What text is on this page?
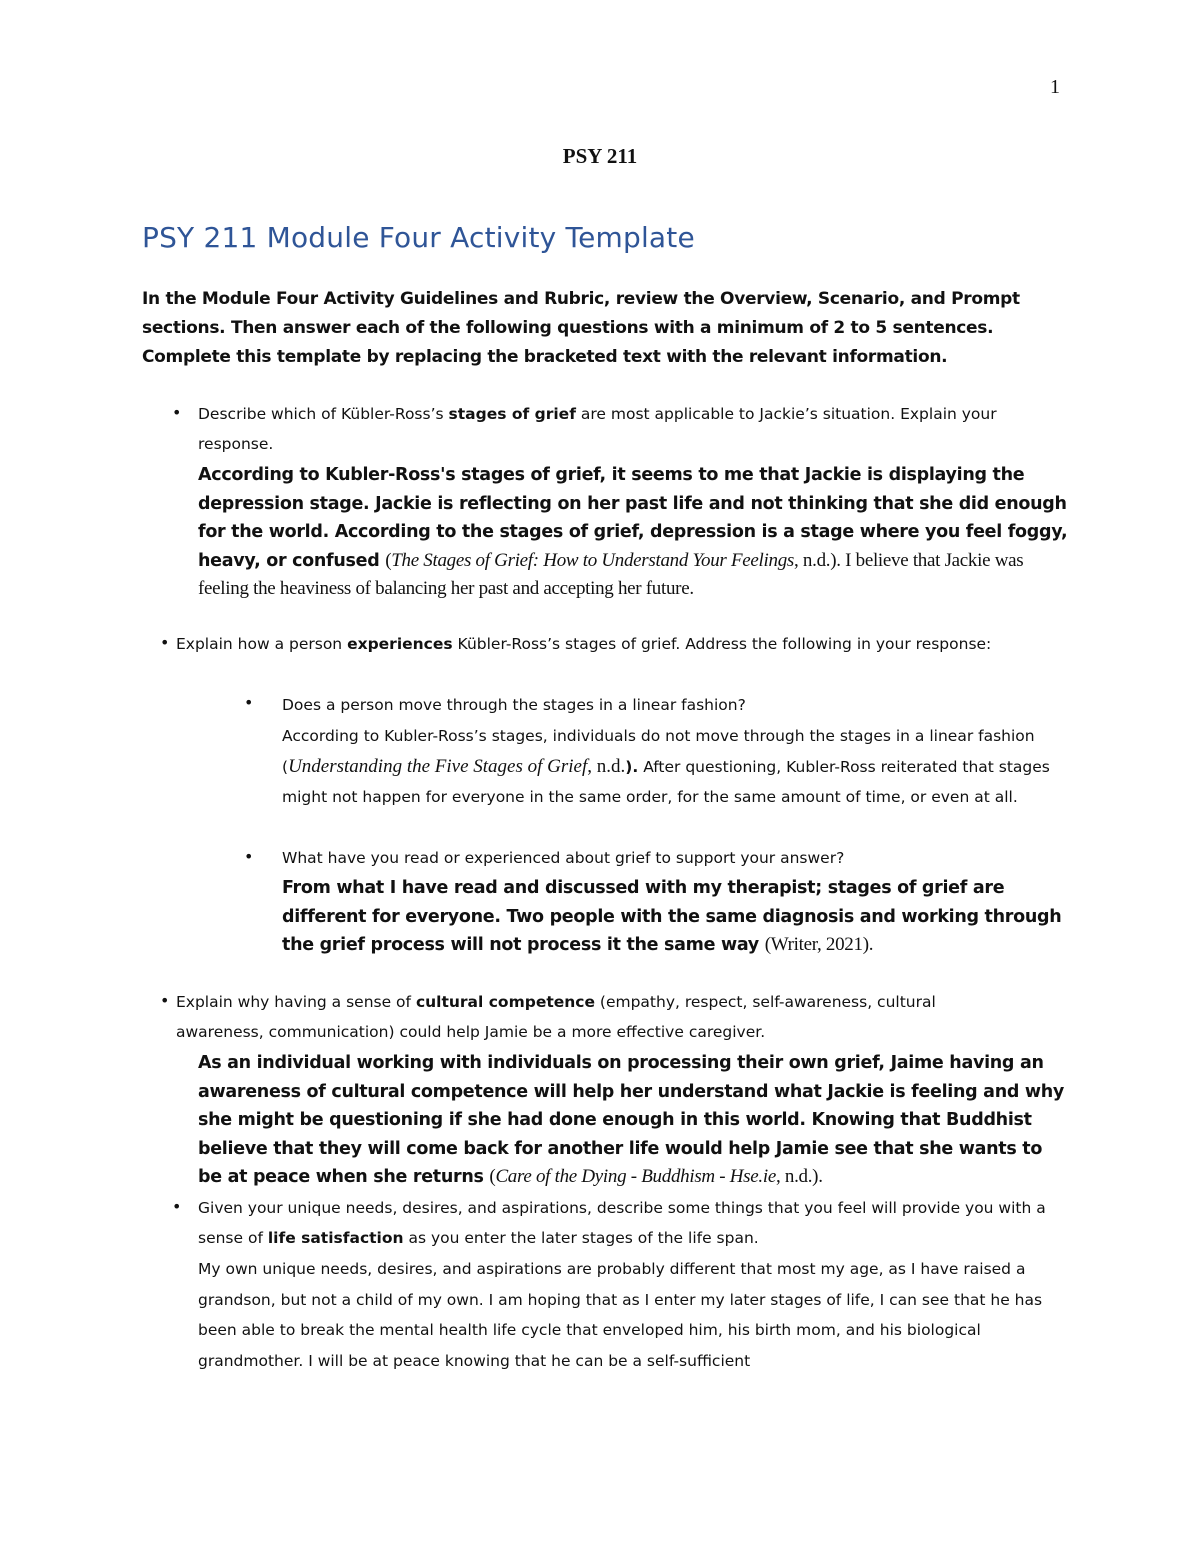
1
PSY 211
PSY 211 Module Four Activity Template

In the Module Four Activity Guidelines and Rubric, review the Overview, Scenario, and Prompt sections. Then answer each of the following questions with a minimum of 2 to 5 sentences. Complete this template by replacing the bracketed text with the relevant information.

• Describe which of Kübler-Ross’s stages of grief are most applicable to Jackie’s situation. Explain your response.

According to Kubler-Ross's stages of grief, it seems to me that Jackie is displaying the depression stage. Jackie is reflecting on her past life and not thinking that she did enough for the world. According to the stages of grief, depression is a stage where you feel foggy, heavy, or confused (The Stages of Grief: How to Understand Your Feelings, n.d.). I believe that Jackie was feeling the heaviness of balancing her past and accepting her future.

• Explain how a person experiences Kübler-Ross’s stages of grief. Address the following in your response:

• Does a person move through the stages in a linear fashion?

According to Kubler-Ross’s stages, individuals do not move through the stages in a linear fashion (Understanding the Five Stages of Grief, n.d.). After questioning, Kubler-Ross reiterated that stages might not happen for everyone in the same order, for the same amount of time, or even at all.

• What have you read or experienced about grief to support your answer?

From what I have read and discussed with my therapist; stages of grief are different for everyone. Two people with the same diagnosis and working through the grief process will not process it the same way (Writer, 2021).

• Explain why having a sense of cultural competence (empathy, respect, self-awareness, cultural awareness, communication) could help Jamie be a more effective caregiver.

As an individual working with individuals on processing their own grief, Jaime having an awareness of cultural competence will help her understand what Jackie is feeling and why she might be questioning if she had done enough in this world. Knowing that Buddhist believe that they will come back for another life would help Jamie see that she wants to be at peace when she returns (Care of the Dying - Buddhism - Hse.ie, n.d.).

• Given your unique needs, desires, and aspirations, describe some things that you feel will provide you with a sense of life satisfaction as you enter the later stages of the life span.

My own unique needs, desires, and aspirations are probably different that most my age, as I have raised a grandson, but not a child of my own. I am hoping that as I enter my later stages of life, I can see that he has been able to break the mental health life cycle that enveloped him, his birth mom, and his biological grandmother. I will be at peace knowing that he can be a self-sufficient
